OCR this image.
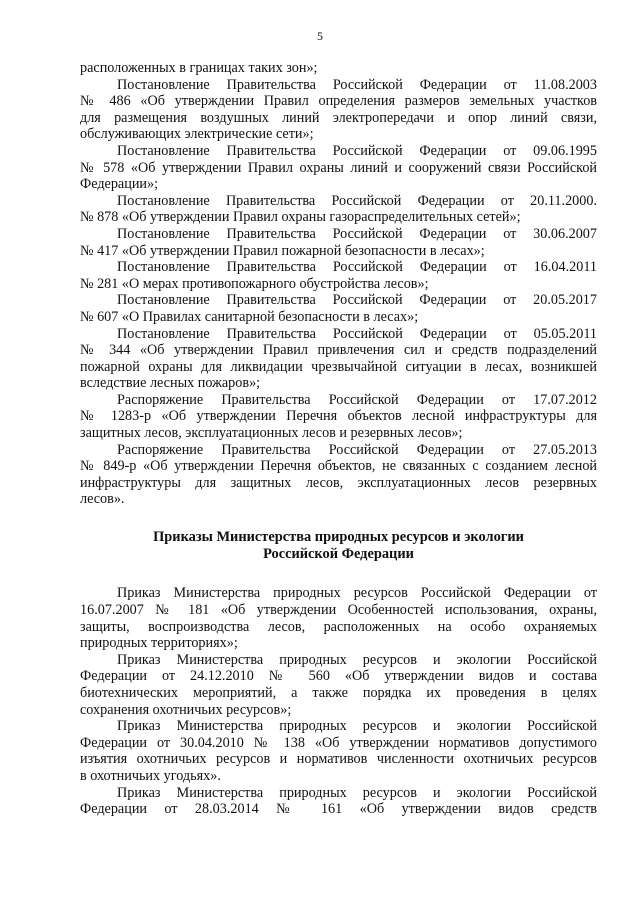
5
расположенных в границах таких зон»;
Постановление Правительства Российской Федерации от 11.08.2003
№ 486 «Об утверждении Правил определения размеров земельных участков
для размещения воздушных линий электропередачи и опор линий связи,
обслуживающих электрические сети»;
Постановление Правительства Российской Федерации от 09.06.1995
№ 578 «Об утверждении Правил охраны линий и сооружений связи Российской
Федерации»;
Постановление Правительства Российской Федерации от 20.11.2000.
№ 878 «Об утверждении Правил охраны газораспределительных сетей»;
Постановление Правительства Российской Федерации от 30.06.2007
№ 417 «Об утверждении Правил пожарной безопасности в лесах»;
Постановление Правительства Российской Федерации от 16.04.2011
№ 281 «О мерах противопожарного обустройства лесов»;
Постановление Правительства Российской Федерации от 20.05.2017
№ 607 «О Правилах санитарной безопасности в лесах»;
Постановление Правительства Российской Федерации от 05.05.2011
№ 344 «Об утверждении Правил привлечения сил и средств подразделений
пожарной охраны для ликвидации чрезвычайной ситуации в лесах, возникшей
вследствие лесных пожаров»;
Распоряжение Правительства Российской Федерации от 17.07.2012
№ 1283-р «Об утверждении Перечня объектов лесной инфраструктуры для
защитных лесов, эксплуатационных лесов и резервных лесов»;
Распоряжение Правительства Российской Федерации от 27.05.2013
№ 849-р «Об утверждении Перечня объектов, не связанных с созданием лесной
инфраструктуры для защитных лесов, эксплуатационных лесов резервных
лесов».
Приказы Министерства природных ресурсов и экологии
Российской Федерации
Приказ Министерства природных ресурсов Российской Федерации от
16.07.2007 № 181 «Об утверждении Особенностей использования, охраны,
защиты, воспроизводства лесов, расположенных на особо охраняемых
природных территориях»;
Приказ Министерства природных ресурсов и экологии Российской
Федерации от 24.12.2010 № 560 «Об утверждении видов и состава
биотехнических мероприятий, а также порядка их проведения в целях
сохранения охотничьих ресурсов»;
Приказ Министерства природных ресурсов и экологии Российской
Федерации от 30.04.2010 № 138 «Об утверждении нормативов допустимого
изъятия охотничьих ресурсов и нормативов численности охотничьих ресурсов
в охотничьих угодьях».
Приказ Министерства природных ресурсов и экологии Российской
Федерации от 28.03.2014 № 161 «Об утверждении видов средств
